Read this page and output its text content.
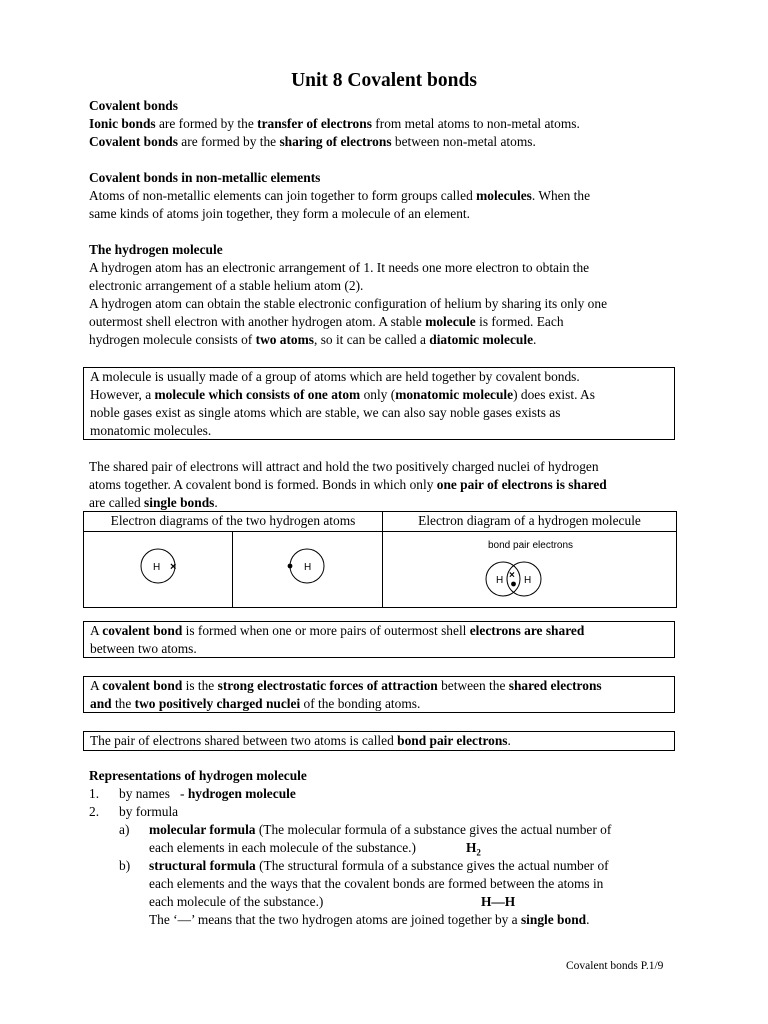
Unit 8 Covalent bonds
Covalent bonds
Ionic bonds are formed by the transfer of electrons from metal atoms to non-metal atoms.
Covalent bonds are formed by the sharing of electrons between non-metal atoms.
Covalent bonds in non-metallic elements
Atoms of non-metallic elements can join together to form groups called molecules. When the
same kinds of atoms join together, they form a molecule of an element.
The hydrogen molecule
A hydrogen atom has an electronic arrangement of 1. It needs one more electron to obtain the
electronic arrangement of a stable helium atom (2).
A hydrogen atom can obtain the stable electronic configuration of helium by sharing its only one
outermost shell electron with another hydrogen atom. A stable molecule is formed. Each
hydrogen molecule consists of two atoms, so it can be called a diatomic molecule.
A molecule is usually made of a group of atoms which are held together by covalent bonds.
However, a molecule which consists of one atom only (monatomic molecule) does exist. As
noble gases exist as single atoms which are stable, we can also say noble gases exists as
monatomic molecules.
The shared pair of electrons will attract and hold the two positively charged nuclei of hydrogen
atoms together. A covalent bond is formed. Bonds in which only one pair of electrons is shared
are called single bonds.
Electron diagrams of the two hydrogen atoms		Electron diagram of a hydrogen molecule

H ×	H	bond pair electrons
H H
×
A covalent bond is formed when one or more pairs of outermost shell electrons are shared
between two atoms.
A covalent bond is the strong electrostatic forces of attraction between the shared electrons
and the two positively charged nuclei of the bonding atoms.
The pair of electrons shared between two atoms is called bond pair electrons.
Representations of hydrogen molecule
1. by names   - hydrogen molecule
2. by formula
a) molecular formula (The molecular formula of a substance gives the actual number of
each elements in each molecule of the substance.)	$H_2$
b) structural formula (The structural formula of a substance gives the actual number of
each elements and the ways that the covalent bonds are formed between the atoms in
each molecule of the substance.)	H—H
The ‘—’ means that the two hydrogen atoms are joined together by a single bond.
Covalent bonds P.1/9
